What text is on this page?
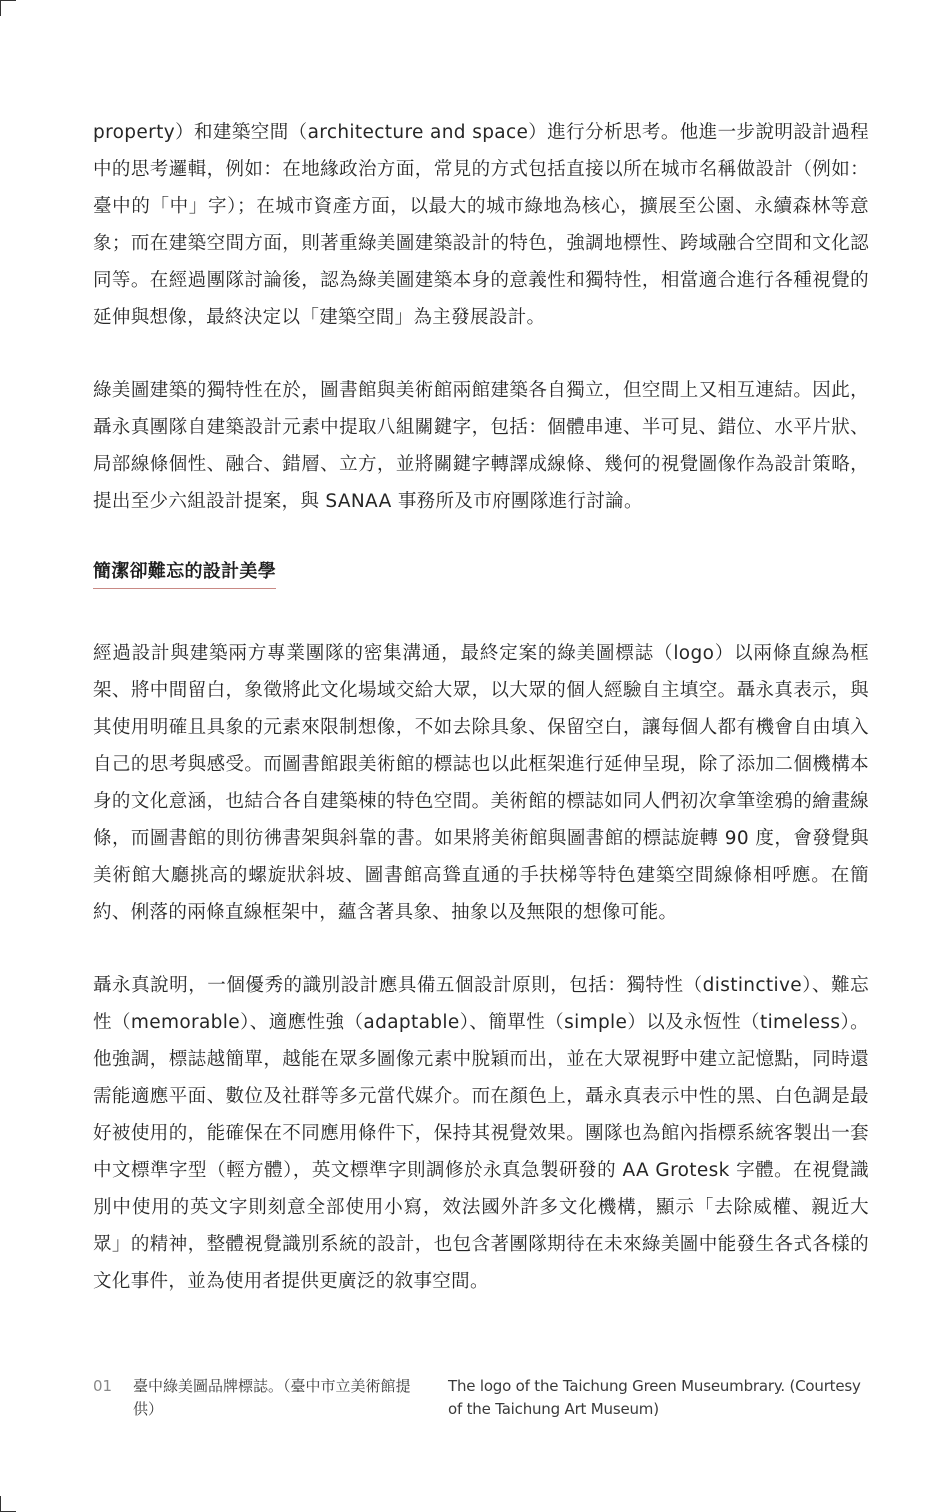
property）和建築空間（architecture and space）進行分析思考。他進一步說明設計過程中的思考邏輯，例如：在地緣政治方面，常見的方式包括直接以所在城市名稱做設計（例如：臺中的「中」字）；在城市資產方面，以最大的城市綠地為核心，擴展至公園、永續森林等意象；而在建築空間方面，則著重綠美圖建築設計的特色，強調地標性、跨域融合空間和文化認同等。在經過團隊討論後，認為綠美圖建築本身的意義性和獨特性，相當適合進行各種視覺的延伸與想像，最終決定以「建築空間」為主發展設計。

綠美圖建築的獨特性在於，圖書館與美術館兩館建築各自獨立，但空間上又相互連結。因此，聶永真團隊自建築設計元素中提取八組關鍵字，包括：個體串連、半可見、錯位、水平片狀、局部線條個性、融合、錯層、立方，並將關鍵字轉譯成線條、幾何的視覺圖像作為設計策略，提出至少六組設計提案，與 SANAA 事務所及市府團隊進行討論。

簡潔卻難忘的設計美學

經過設計與建築兩方專業團隊的密集溝通，最終定案的綠美圖標誌（logo）以兩條直線為框架、將中間留白，象徵將此文化場域交給大眾，以大眾的個人經驗自主填空。聶永真表示，與其使用明確且具象的元素來限制想像，不如去除具象、保留空白，讓每個人都有機會自由填入自己的思考與感受。而圖書館跟美術館的標誌也以此框架進行延伸呈現，除了添加二個機構本身的文化意涵，也結合各自建築棟的特色空間。美術館的標誌如同人們初次拿筆塗鴉的繪畫線條，而圖書館的則彷彿書架與斜靠的書。如果將美術館與圖書館的標誌旋轉 90 度，會發覺與美術館大廳挑高的螺旋狀斜坡、圖書館高聳直通的手扶梯等特色建築空間線條相呼應。在簡約、俐落的兩條直線框架中，蘊含著具象、抽象以及無限的想像可能。

聶永真說明，一個優秀的識別設計應具備五個設計原則，包括：獨特性（distinctive）、難忘性（memorable）、適應性強（adaptable）、簡單性（simple）以及永恆性（timeless）。他強調，標誌越簡單，越能在眾多圖像元素中脫穎而出，並在大眾視野中建立記憶點，同時還需能適應平面、數位及社群等多元當代媒介。而在顏色上，聶永真表示中性的黑、白色調是最好被使用的，能確保在不同應用條件下，保持其視覺效果。團隊也為館內指標系統客製出一套中文標準字型（輕方體），英文標準字則調修於永真急製研發的 AA Grotesk 字體。在視覺識別中使用的英文字則刻意全部使用小寫，效法國外許多文化機構，顯示「去除威權、親近大眾」的精神，整體視覺識別系統的設計，也包含著團隊期待在未來綠美圖中能發生各式各樣的文化事件，並為使用者提供更廣泛的敘事空間。

01 臺中綠美圖品牌標誌。（臺中市立美術館提供）
The logo of the Taichung Green Museumbrary. (Courtesy of the Taichung Art Museum)
